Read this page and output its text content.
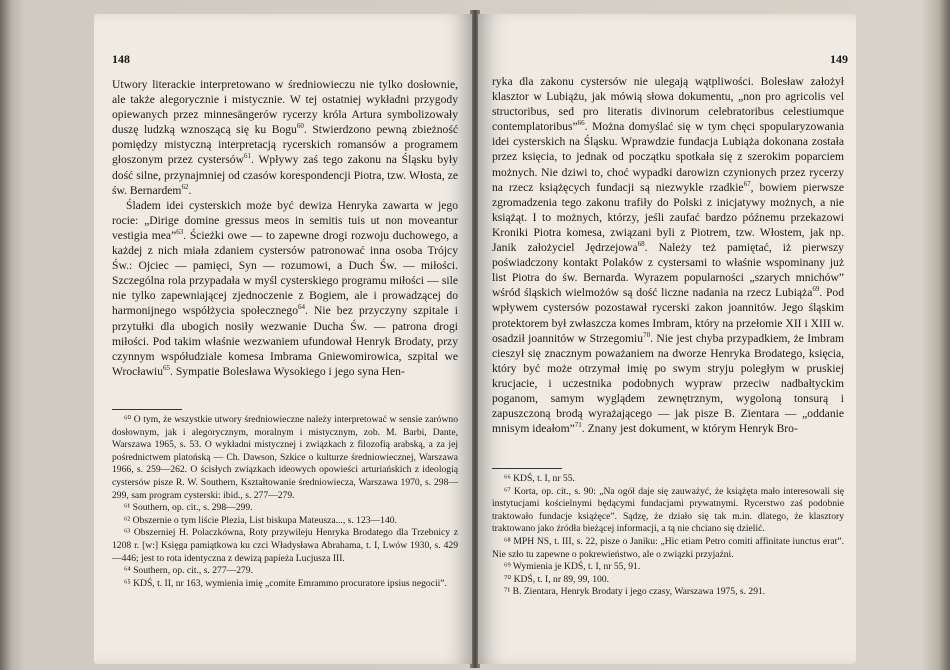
148

Utwory literackie interpretowano w średniowieczu nie tylko dosłownie, ale także alegorycznie i mistycznie. W tej ostatniej wykładni przygody opiewanych przez minnesängerów rycerzy króla Artura symbolizowały duszę ludzką wznoszącą się ku Bogu$^{60}$. Stwierdzono pewną zbieżność pomiędzy mistyczną interpretacją rycerskich romansów a programem głoszonym przez cystersów$^{61}$. Wpływy zaś tego zakonu na Śląsku były dość silne, przynajmniej od czasów korespondencji Piotra, tzw. Włosta, ze św. Bernardem$^{62}$.

Śladem idei cysterskich może być dewiza Henryka zawarta w jego rocie: „Dirige domine gressus meos in semitis tuis ut non moveantur vestigia mea”$^{63}$. Ścieżki owe — to zapewne drogi rozwoju duchowego, a każdej z nich miała zdaniem cystersów patronować inna osoba Trójcy Św.: Ojciec — pamięci, Syn — rozumowi, a Duch Św. — miłości. Szczególna rola przypadała w myśl cysterskiego programu miłości — sile nie tylko zapewniającej zjednoczenie z Bogiem, ale i prowadzącej do harmonijnego współżycia społecznego$^{64}$. Nie bez przyczyny szpitale i przytułki dla ubogich nosiły wezwanie Ducha Św. — patrona drogi miłości. Pod takim właśnie wezwaniem ufundował Henryk Brodaty, przy czynnym współudziale komesa Imbrama Gniewomirowica, szpital we Wrocławiu$^{65}$. Sympatie Bolesława Wysokiego i jego syna Hen-

⁶⁰ O tym, że wszystkie utwory średniowieczne należy interpretować w sensie zarówno dosłownym, jak i alegorycznym, moralnym i mistycznym, zob. M. Barbi, Dante, Warszawa 1965, s. 53. O wykładni mistycznej i związkach z filozofią arabską, a za jej pośrednictwem platońską — Ch. Dawson, Szkice o kulturze średniowiecznej, Warszawa 1966, s. 259—262. O ścisłych związkach ideowych opowieści arturiańskich z ideologią cystersów pisze R. W. Southern, Kształtowanie średniowiecza, Warszawa 1970, s. 298—299, sam program cysterski: ibid., s. 277—279.

⁶¹ Southern, op. cit., s. 298—299.

⁶² Obszernie o tym liście Plezia, List biskupa Mateusza..., s. 123—140.

⁶³ Obszerniej H. Polaczkówna, Roty przywileju Henryka Brodatego dla Trzebnicy z 1208 r. [w:] Księga pamiątkowa ku czci Władysława Abrahama, t. I, Lwów 1930, s. 429—446; jest to rota identyczna z dewizą papieża Lucjusza III.

⁶⁴ Southern, op. cit., s. 277—279.

⁶⁵ KDŚ, t. II, nr 163, wymienia imię „comite Emrammo procuratore ipsius negocii”.

149

ryka dla zakonu cystersów nie ulegają wątpliwości. Bolesław założył klasztor w Lubiążu, jak mówią słowa dokumentu, „non pro agricolis vel structoribus, sed pro literatis divinorum celebratoribus celestiumque contemplatoribus”$^{66}$. Można domyślać się w tym chęci spopularyzowania idei cysterskich na Śląsku. Wprawdzie fundacja Lubiąża dokonana została przez księcia, to jednak od początku spotkała się z szerokim poparciem możnych. Nie dziwi to, choć wypadki darowizn czynionych przez rycerzy na rzecz książęcych fundacji są niezwykle rzadkie$^{67}$, bowiem pierwsze zgromadzenia tego zakonu trafiły do Polski z inicjatywy możnych, a nie książąt. I to możnych, którzy, jeśli zaufać bardzo późnemu przekazowi Kroniki Piotra komesa, związani byli z Piotrem, tzw. Włostem, jak np. Janik założyciel Jędrzejowa$^{68}$. Należy też pamiętać, iż pierwszy poświadczony kontakt Polaków z cystersami to właśnie wspominany już list Piotra do św. Bernarda. Wyrazem popularności „szarych mnichów” wśród śląskich wielmożów są dość liczne nadania na rzecz Lubiąża$^{69}$. Pod wpływem cystersów pozostawał rycerski zakon joannitów. Jego śląskim protektorem był zwłaszcza komes Imbram, który na przełomie XII i XIII w. osadził joannitów w Strzegomiu$^{70}$. Nie jest chyba przypadkiem, że Imbram cieszył się znacznym poważaniem na dworze Henryka Brodatego, księcia, który być może otrzymał imię po swym stryju poległym w pruskiej krucjacie, i uczestnika podobnych wypraw przeciw nadbałtyckim poganom, samym wyglądem zewnętrznym, wygoloną tonsurą i zapuszczoną brodą wyrażającego — jak pisze B. Zientara — „oddanie mnisym ideałom”$^{71}$. Znany jest dokument, w którym Henryk Bro-

⁶⁶ KDŚ, t. I, nr 55.

⁶⁷ Korta, op. cit., s. 90: „Na ogół daje się zauważyć, że książęta mało interesowali się instytucjami kościelnymi będącymi fundacjami prywatnymi. Rycerstwo zaś podobnie traktowało fundacje książęce”. Sądzę, że działo się tak m.in. dlatego, że klasztory traktowano jako źródła bieżącej informacji, a tą nie chciano się dzielić.

⁶⁸ MPH NS, t. III, s. 22, pisze o Janiku: „Hic etiam Petro comiti affinitate iunctus erat”. Nie szło tu zapewne o pokrewieństwo, ale o związki przyjaźni.

⁶⁹ Wymienia je KDŚ, t. I, nr 55, 91.

⁷⁰ KDŚ, t. I, nr 89, 99, 100.

⁷¹ B. Zientara, Henryk Brodaty i jego czasy, Warszawa 1975, s. 291.
